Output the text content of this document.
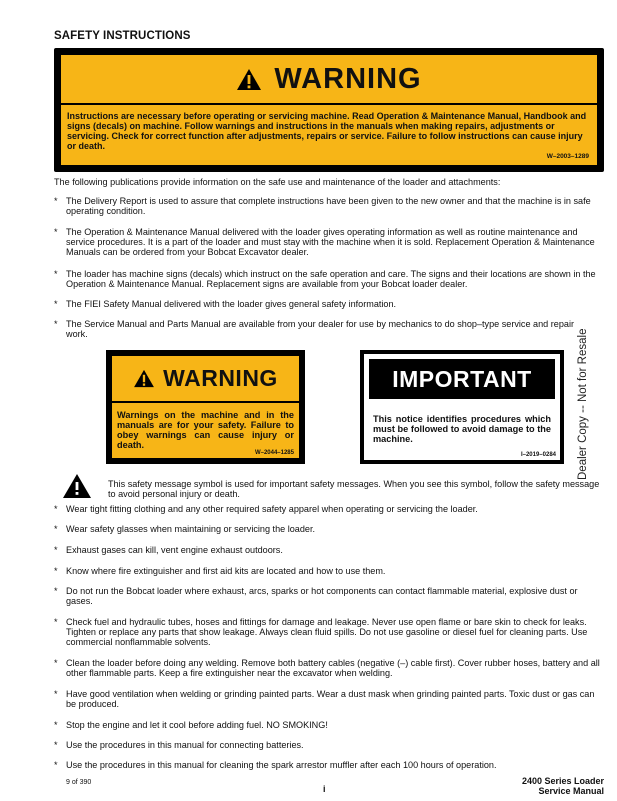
SAFETY INSTRUCTIONS
WARNING
Instructions are necessary before operating or servicing machine. Read Operation & Maintenance Manual, Handbook and signs (decals) on machine. Follow warnings and instructions in the manuals when making repairs, adjustments or servicing. Check for correct function after adjustments, repairs or service. Failure to follow instructions can cause injury or death.
W–2003–1289
The following publications provide information on the safe use and maintenance of the loader and attachments:
* The Delivery Report is used to assure that complete instructions have been given to the new owner and that the machine is in safe operating condition.
* The Operation & Maintenance Manual delivered with the loader gives operating information as well as routine maintenance and service procedures. It is a part of the loader and must stay with the machine when it is sold. Replacement Operation & Maintenance Manuals can be ordered from your Bobcat Excavator dealer.
* The loader has machine signs (decals) which instruct on the safe operation and care. The signs and their locations are shown in the Operation & Maintenance Manual. Replacement signs are available from your Bobcat loader dealer.
* The FIEI Safety Manual delivered with the loader gives general safety information.
* The Service Manual and Parts Manual are available from your dealer for use by mechanics to do shop–type service and repair work.
WARNING
Warnings on the machine and in the manuals are for your safety. Failure to obey warnings can cause injury or death.
W–2044–1285
IMPORTANT
This notice identifies procedures which must be followed to avoid damage to the machine.
I–2019–0284 Dealer Copy -- Not for Resale
This safety message symbol is used for important safety messages. When you see this symbol, follow the safety message to avoid personal injury or death.
* Wear tight fitting clothing and any other required safety apparel when operating or servicing the loader.
* Wear safety glasses when maintaining or servicing the loader.
* Exhaust gases can kill, vent engine exhaust outdoors.
* Know where fire extinguisher and first aid kits are located and how to use them.
* Do not run the Bobcat loader where exhaust, arcs, sparks or hot components can contact flammable material, explosive dust or gases.
* Check fuel and hydraulic tubes, hoses and fittings for damage and leakage. Never use open flame or bare skin to check for leaks. Tighten or replace any parts that show leakage. Always clean fluid spills. Do not use gasoline or diesel fuel for cleaning parts. Use commercial nonflammable solvents.
* Clean the loader before doing any welding. Remove both battery cables (negative (–) cable first). Cover rubber hoses, battery and all other flammable parts. Keep a fire extinguisher near the excavator when welding.
* Have good ventilation when welding or grinding painted parts. Wear a dust mask when grinding painted parts. Toxic dust or gas can be produced.
* Stop the engine and let it cool before adding fuel. NO SMOKING!
* Use the procedures in this manual for connecting batteries.
* Use the procedures in this manual for cleaning the spark arrestor muffler after each 100 hours of operation.
9 of 390
i
2400 Series Loader
Service Manual
